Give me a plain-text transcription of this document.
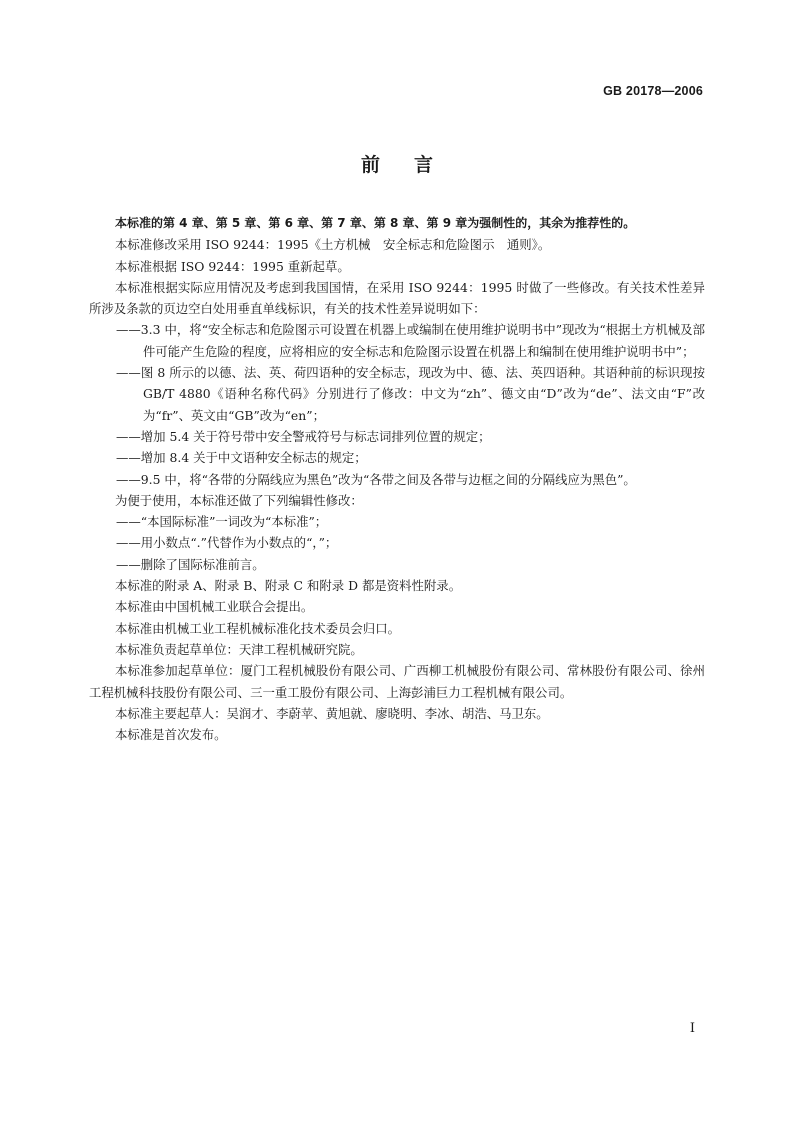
GB 20178—2006
前 言

本标准的第 4 章、第 5 章、第 6 章、第 7 章、第 8 章、第 9 章为强制性的，其余为推荐性的。

本标准修改采用 ISO 9244：1995《土方机械　安全标志和危险图示　通则》。

本标准根据 ISO 9244：1995 重新起草。

本标准根据实际应用情况及考虑到我国国情，在采用 ISO 9244：1995 时做了一些修改。有关技术性差异所涉及条款的页边空白处用垂直单线标识，有关的技术性差异说明如下：

——3.3 中，将“安全标志和危险图示可设置在机器上或编制在使用维护说明书中”现改为“根据土方机械及部件可能产生危险的程度，应将相应的安全标志和危险图示设置在机器上和编制在使用维护说明书中”；

——图 8 所示的以德、法、英、荷四语种的安全标志，现改为中、德、法、英四语种。其语种前的标识现按 GB/T 4880《语种名称代码》分别进行了修改：中文为“zh”、德文由“D”改为“de”、法文由“F”改为“fr”、英文由“GB”改为“en”；

——增加 5.4 关于符号带中安全警戒符号与标志词排列位置的规定；

——增加 8.4 关于中文语种安全标志的规定；

——9.5 中，将“各带的分隔线应为黑色”改为“各带之间及各带与边框之间的分隔线应为黑色”。

为便于使用，本标准还做了下列编辑性修改：

——“本国际标准”一词改为“本标准”；

——用小数点“.”代替作为小数点的“，”；

——删除了国际标准前言。

本标准的附录 A、附录 B、附录 C 和附录 D 都是资料性附录。

本标准由中国机械工业联合会提出。

本标准由机械工业工程机械标准化技术委员会归口。

本标准负责起草单位：天津工程机械研究院。

本标准参加起草单位：厦门工程机械股份有限公司、广西柳工机械股份有限公司、常林股份有限公司、徐州工程机械科技股份有限公司、三一重工股份有限公司、上海彭浦巨力工程机械有限公司。

本标准主要起草人：吴润才、李蔚苹、黄旭就、廖晓明、李冰、胡浩、马卫东。

本标准是首次发布。

I
